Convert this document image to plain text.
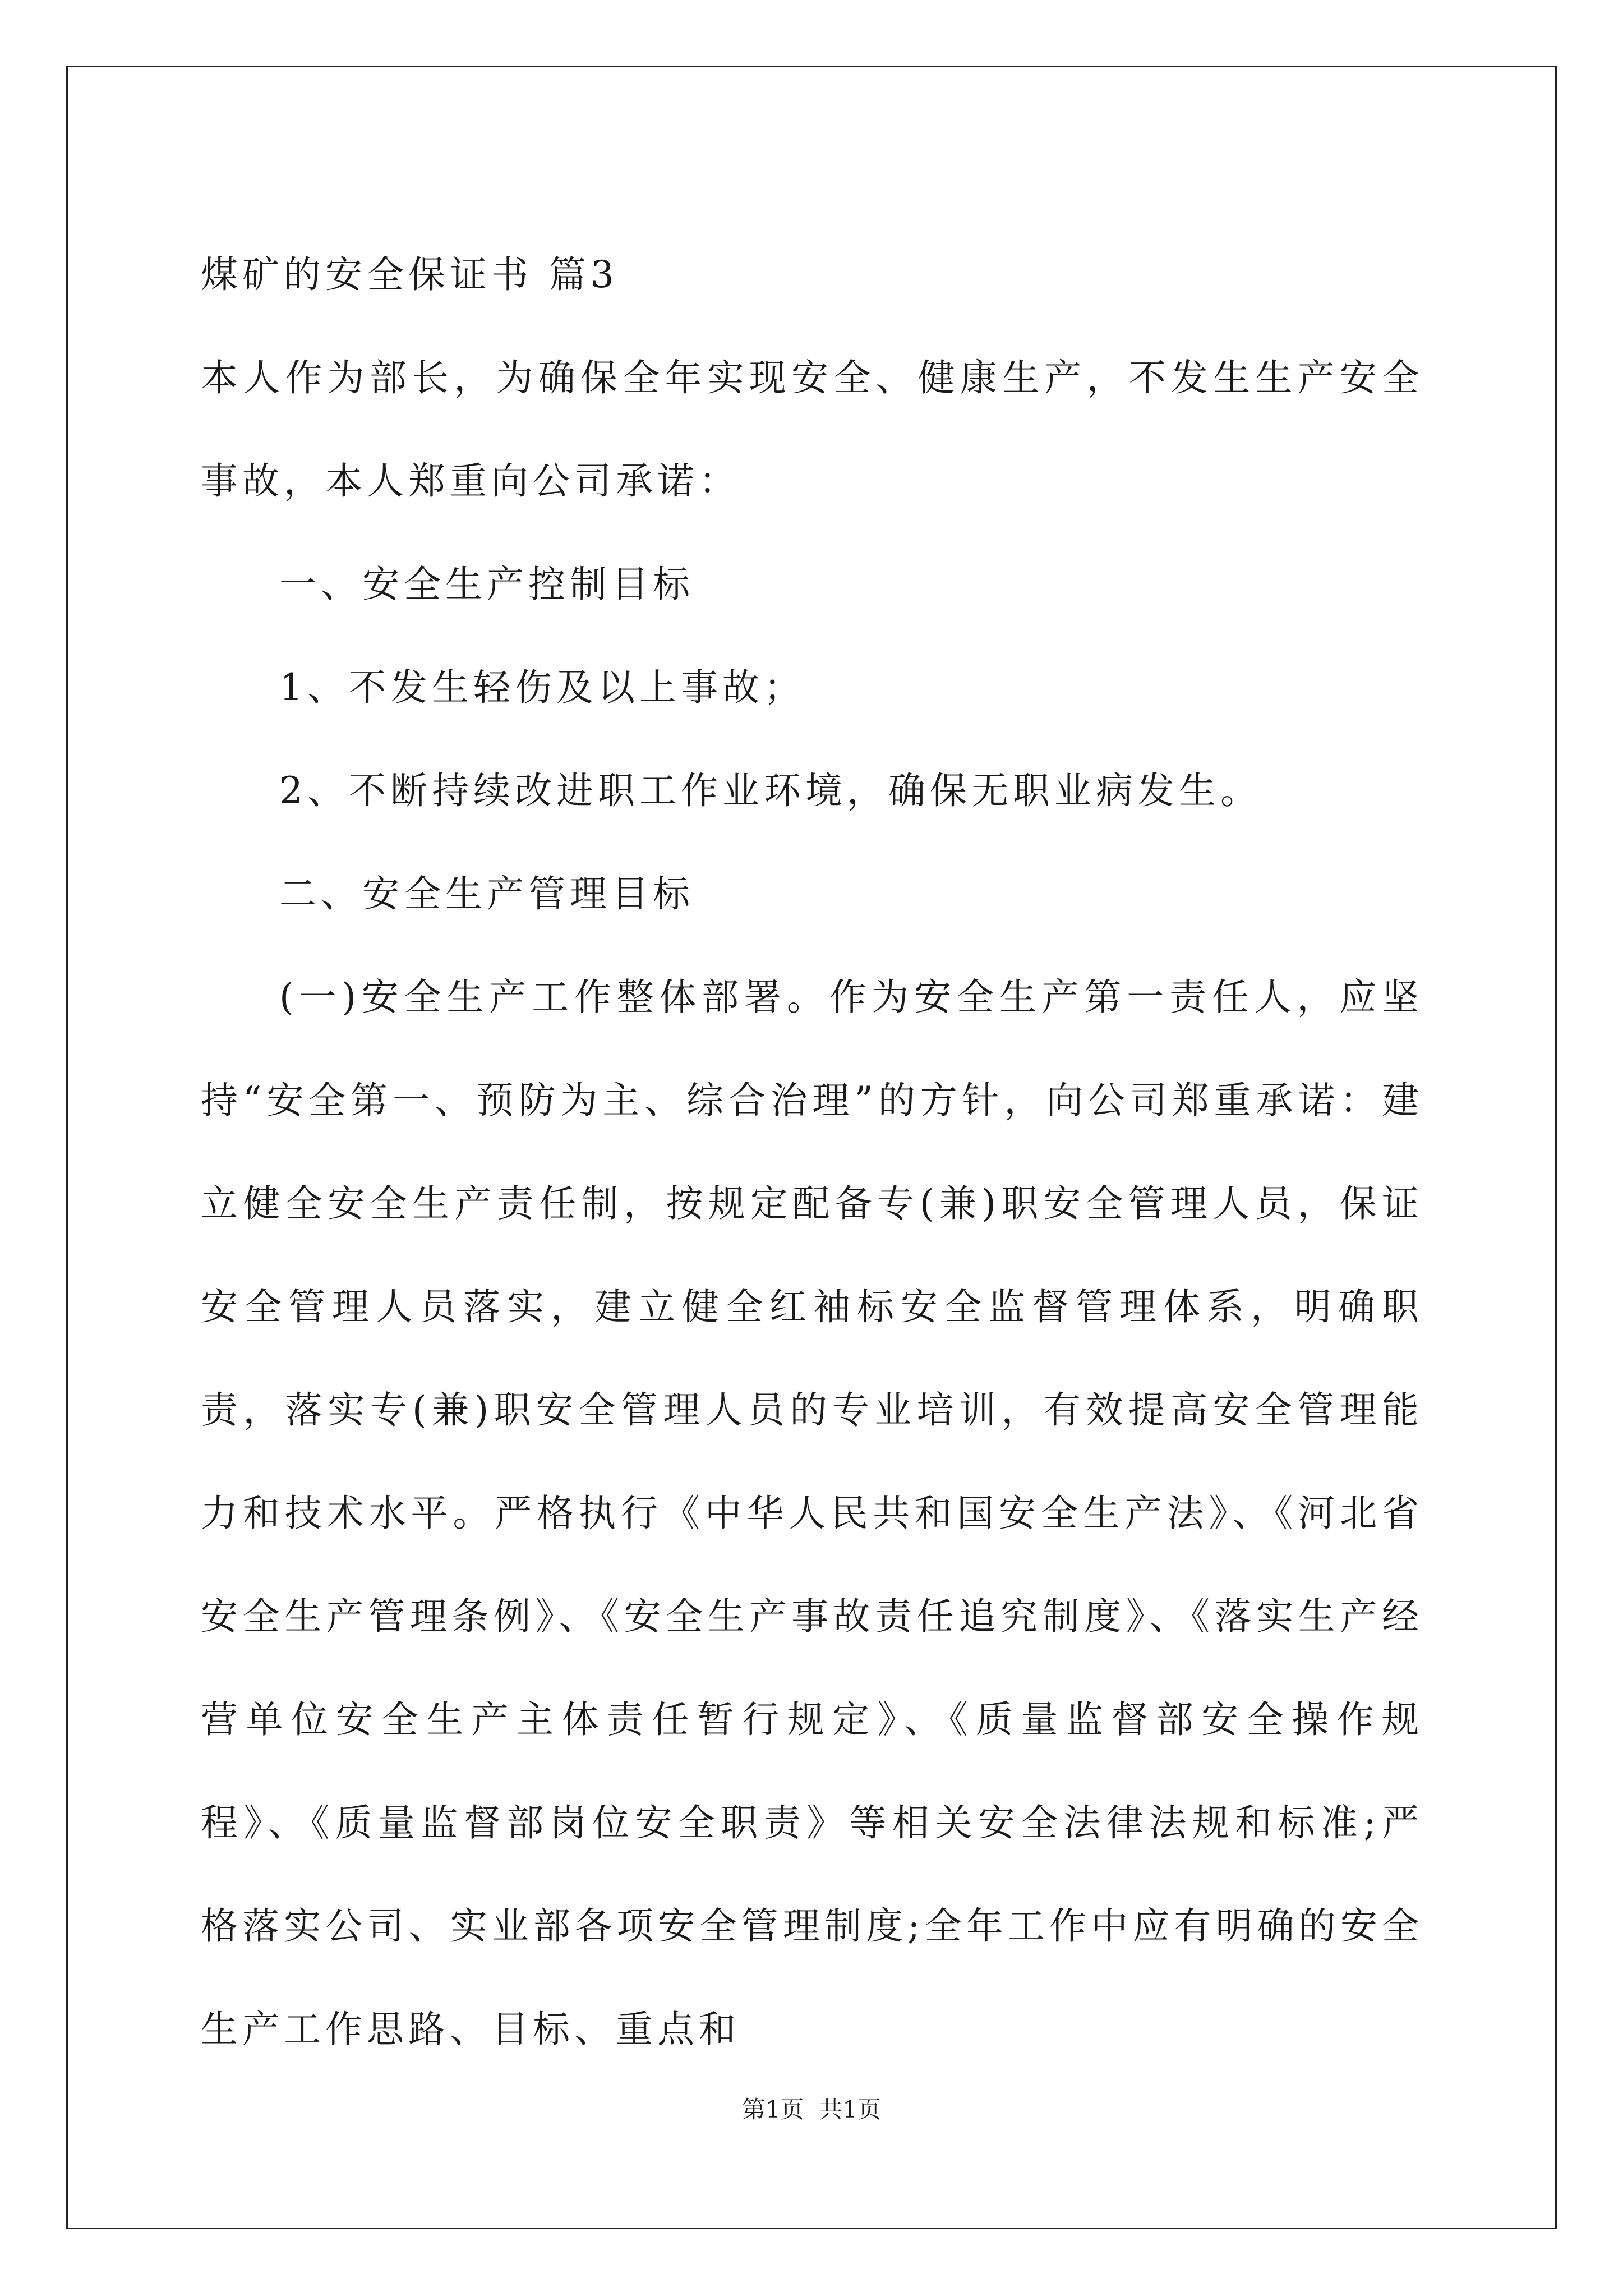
煤矿的安全保证书 篇3

本人作为部长，为确保全年实现安全、健康生产，不发生生产安全事故，本人郑重向公司承诺：

一、安全生产控制目标

1、不发生轻伤及以上事故；

2、不断持续改进职工作业环境，确保无职业病发生。

二、安全生产管理目标

(一)安全生产工作整体部署。作为安全生产第一责任人，应坚持“安全第一、预防为主、综合治理”的方针，向公司郑重承诺：建立健全安全生产责任制，按规定配备专(兼)职安全管理人员，保证安全管理人员落实，建立健全红袖标安全监督管理体系，明确职责，落实专(兼)职安全管理人员的专业培训，有效提高安全管理能力和技术水平。严格执行《中华人民共和国安全生产法》、《河北省安全生产管理条例》、《安全生产事故责任追究制度》、《落实生产经营单位安全生产主体责任暂行规定》、《质量监督部安全操作规程》、《质量监督部岗位安全职责》等相关安全法律法规和标准;严格落实公司、实业部各项安全管理制度;全年工作中应有明确的安全生产工作思路、目标、重点和

第1页  共1页
